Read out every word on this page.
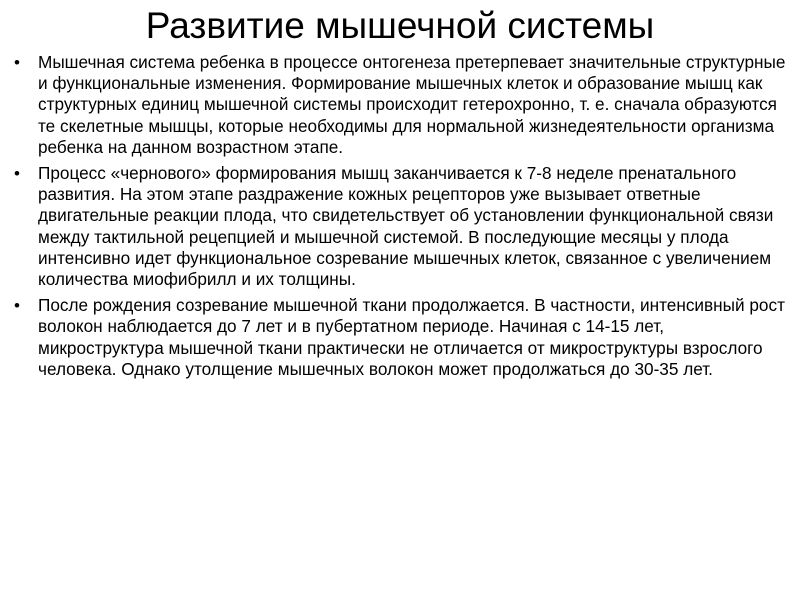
Развитие мышечной системы
•	Мышечная система ребенка в процессе онтогенеза претерпевает значительные структурные и функциональные изменения. Формирование мышечных клеток и образование мышц как структурных единиц мышечной системы происходит гетерохронно, т. е. сначала образуются те скелетные мышцы, которые необходимы для нормальной жизнедеятельности организма ребенка на данном возрастном этапе.
•	Процесс «чернового» формирования мышц заканчивается к 7-8 неделе пренатального развития. На этом этапе раздражение кожных рецепторов уже вызывает ответные двигательные реакции плода, что свидетельствует об установлении функциональной связи между тактильной рецепцией и мышечной системой. В последующие месяцы у плода интенсивно идет функциональное созревание мышечных клеток, связанное с увеличением количества миофибрилл и их толщины.
•	После рождения созревание мышечной ткани продолжается. В частности, интенсивный рост волокон наблюдается до 7 лет и в пубертатном периоде. Начиная с 14-15 лет, микроструктура мышечной ткани практически не отличается от микроструктуры взрослого человека. Однако утолщение мышечных волокон может продолжаться до 30-35 лет.
